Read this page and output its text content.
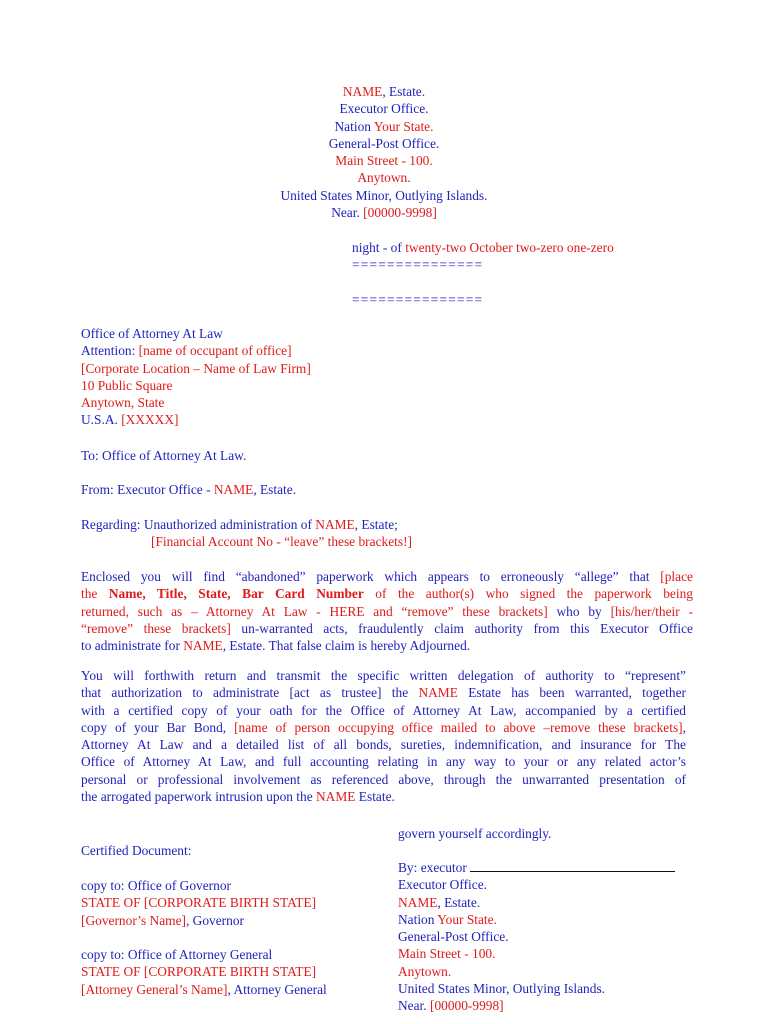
NAME, Estate.
Executor Office.
Nation Your State.
General-Post Office.
Main Street - 100.
Anytown.
United States Minor, Outlying Islands.
Near. [00000-9998]
night - of twenty-two October two-zero one-zero
===============
===============
Office of Attorney At Law
Attention: [name of occupant of office]
[Corporate Location – Name of Law Firm]
10 Public Square
Anytown, State
U.S.A. [XXXXX]
To: Office of Attorney At Law.
From: Executor Office - NAME, Estate.
Regarding: Unauthorized administration of NAME, Estate;
[Financial Account No - “leave” these brackets!]
Enclosed you will find “abandoned” paperwork which appears to erroneously “allege” that [place
the Name, Title, State, Bar Card Number of the author(s) who signed the paperwork being
returned, such as – Attorney At Law - HERE and “remove” these brackets] who by [his/her/their -
“remove” these brackets] un-warranted acts, fraudulently claim authority from this Executor Office
to administrate for NAME, Estate. That false claim is hereby Adjourned.
You will forthwith return and transmit the specific written delegation of authority to “represent”
that authorization to administrate [act as trustee] the NAME Estate has been warranted, together
with a certified copy of your oath for the Office of Attorney At Law, accompanied by a certified
copy of your Bar Bond, [name of person occupying office mailed to above –remove these brackets],
Attorney At Law and a detailed list of all bonds, sureties, indemnification, and insurance for The
Office of Attorney At Law, and full accounting relating in any way to your or any related actor’s
personal or professional involvement as referenced above, through the unwarranted presentation of
the arrogated paperwork intrusion upon the NAME Estate.
govern yourself accordingly.
Certified Document:
copy to: Office of Governor
STATE OF [CORPORATE BIRTH STATE]
[Governor’s Name], Governor
copy to: Office of Attorney General
STATE OF [CORPORATE BIRTH STATE]
[Attorney General’s Name], Attorney General
By: executor
Executor Office.
NAME, Estate.
Nation Your State.
General-Post Office.
Main Street - 100.
Anytown.
United States Minor, Outlying Islands.
Near. [00000-9998]
